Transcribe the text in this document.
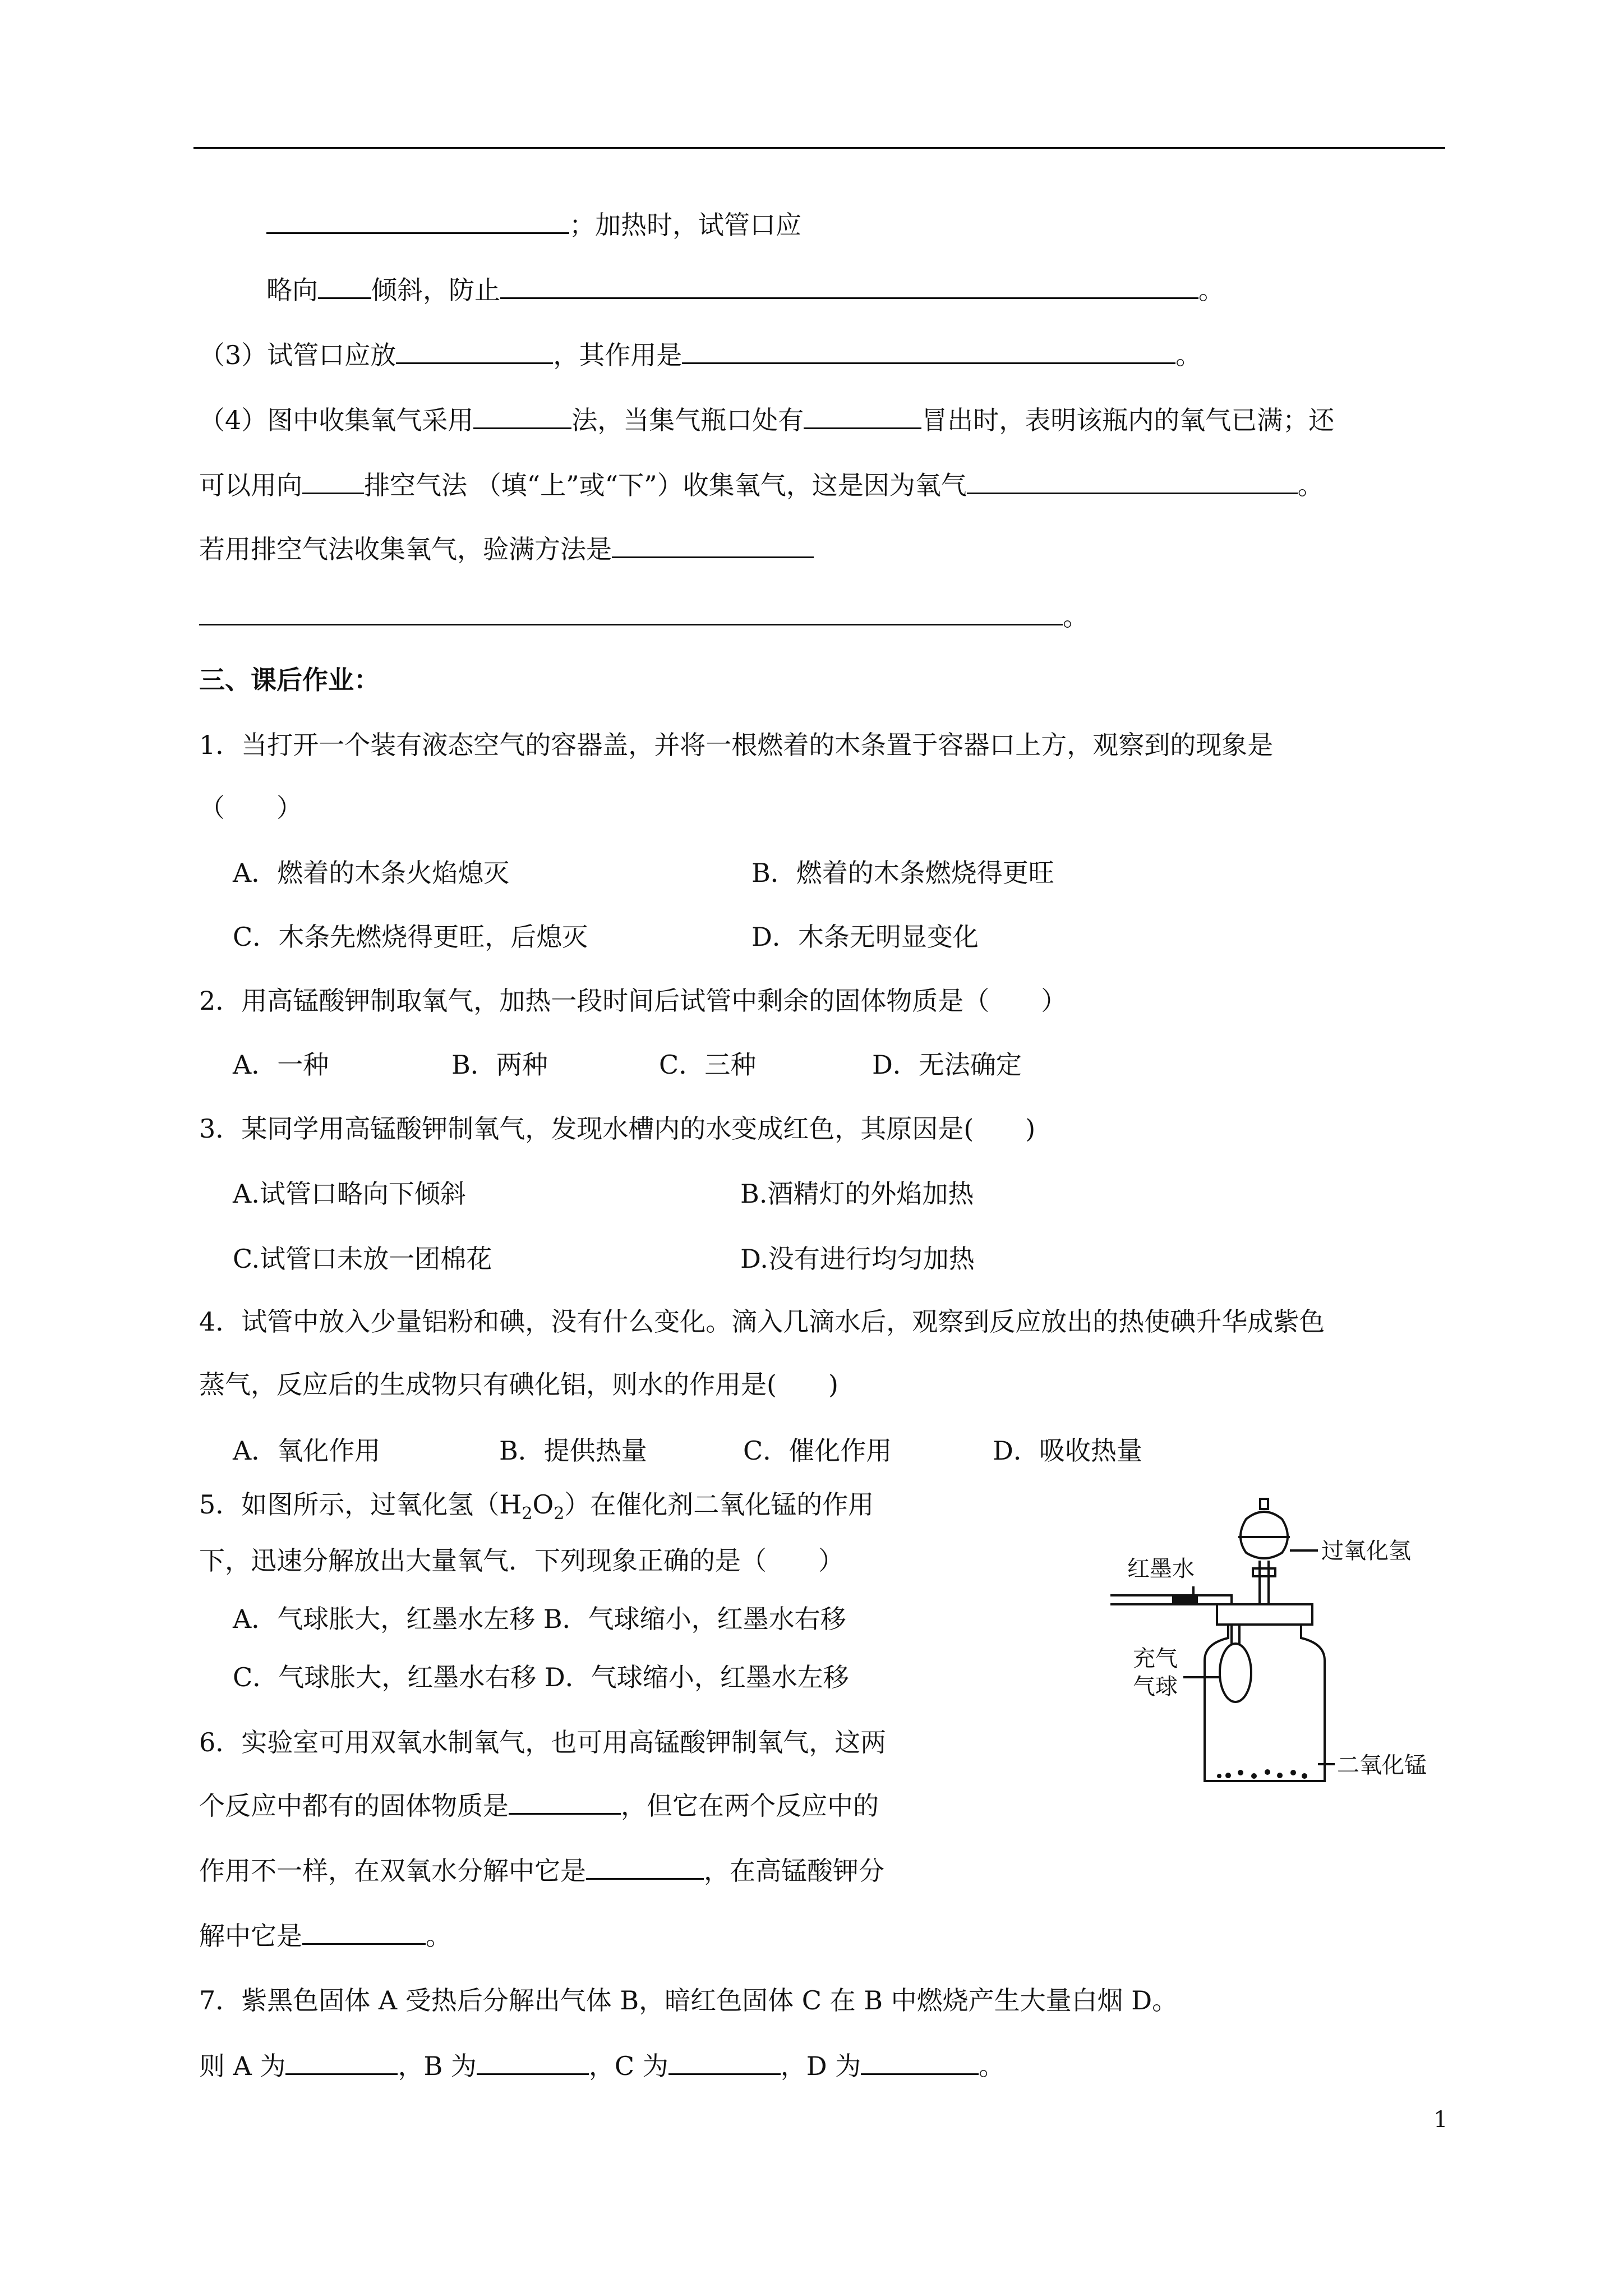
；加热时，试管口应
略向 倾斜，防止	。
（3）试管口应放	，其作用是	。
（4）图中收集氧气采用	法，当集气瓶口处有	冒出时，表明该瓶内的氧气已满；还
可以用向 排空气法 （填“上”或“下”）收集氧气，这是因为氧气	。
若用排空气法收集氧气，验满方法是
。
三、课后作业：
1．当打开一个装有液态空气的容器盖，并将一根燃着的木条置于容器口上方，观察到的现象是
（　　）
A．燃着的木条火焰熄灭	B．燃着的木条燃烧得更旺
C．木条先燃烧得更旺，后熄灭	D．木条无明显变化
2．用高锰酸钾制取氧气，加热一段时间后试管中剩余的固体物质是（　　）
A．一种	B．两种	C．三种	D．无法确定
3．某同学用高锰酸钾制氧气，发现水槽内的水变成红色，其原因是(　　)
A.试管口略向下倾斜	B.酒精灯的外焰加热
C.试管口未放一团棉花	D.没有进行均匀加热
4．试管中放入少量铝粉和碘，没有什么变化。滴入几滴水后，观察到反应放出的热使碘升华成紫色
蒸气，反应后的生成物只有碘化铝，则水的作用是(　　)
A．氧化作用	B．提供热量	C．催化作用	D．吸收热量
5．如图所示，过氧化氢$(H_2O_2)$在催化剂二氧化锰的作用
下，迅速分解放出大量氧气．下列现象正确的是（　　）
A．气球胀大，红墨水左移 B．气球缩小，红墨水右移
C．气球胀大，红墨水右移 D．气球缩小，红墨水左移
红墨水
过氧化氢
充气
气球
二氧化锰
6．实验室可用双氧水制氧气，也可用高锰酸钾制氧气，这两
个反应中都有的固体物质是	，但它在两个反应中的
作用不一样，在双氧水分解中它是	，在高锰酸钾分
解中它是	。
7．紫黑色固体 A 受热后分解出气体 B，暗红色固体 C 在 B 中燃烧产生大量白烟 D。
则 A 为	，B 为	，C 为	，D 为	。
1
